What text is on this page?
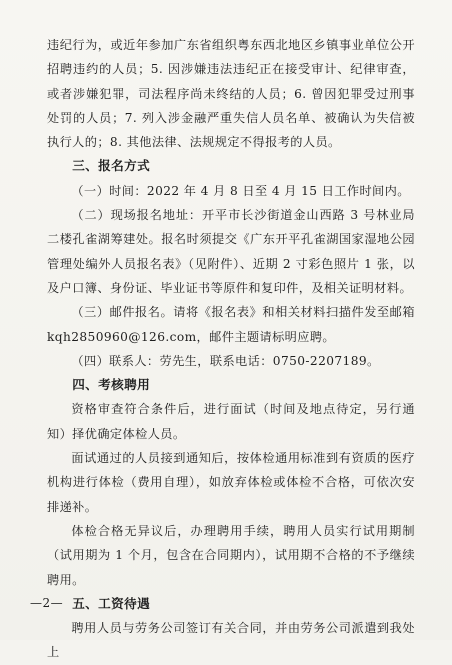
违纪行为，或近年参加广东省组织粤东西北地区乡镇事业单位公开招聘违约的人员；5. 因涉嫌违法违纪正在接受审计、纪律审查，或者涉嫌犯罪，司法程序尚未终结的人员；6. 曾因犯罪受过刑事处罚的人员；7. 列入涉金融严重失信人员名单、被确认为失信被执行人的；8. 其他法律、法规规定不得报考的人员。

三、报名方式

（一）时间：2022 年 4 月 8 日至 4 月 15 日工作时间内。

（二）现场报名地址：开平市长沙街道金山西路 3 号林业局二楼孔雀湖筹建处。报名时须提交《广东开平孔雀湖国家湿地公园管理处编外人员报名表》（见附件）、近期 2 寸彩色照片 1 张，以及户口簿、身份证、毕业证书等原件和复印件，及相关证明材料。

（三）邮件报名。请将《报名表》和相关材料扫描件发至邮箱kqh2850960@126.com，邮件主题请标明应聘。

（四）联系人：劳先生，联系电话：0750-2207189。

四、考核聘用

资格审查符合条件后，进行面试（时间及地点待定，另行通知）择优确定体检人员。

面试通过的人员接到通知后，按体检通用标准到有资质的医疗机构进行体检（费用自理），如放弃体检或体检不合格，可依次安排递补。

体检合格无异议后，办理聘用手续，聘用人员实行试用期制（试用期为 1 个月，包含在合同期内），试用期不合格的不予继续聘用。

五、工资待遇

聘用人员与劳务公司签订有关合同，并由劳务公司派遣到我处上

—2—
